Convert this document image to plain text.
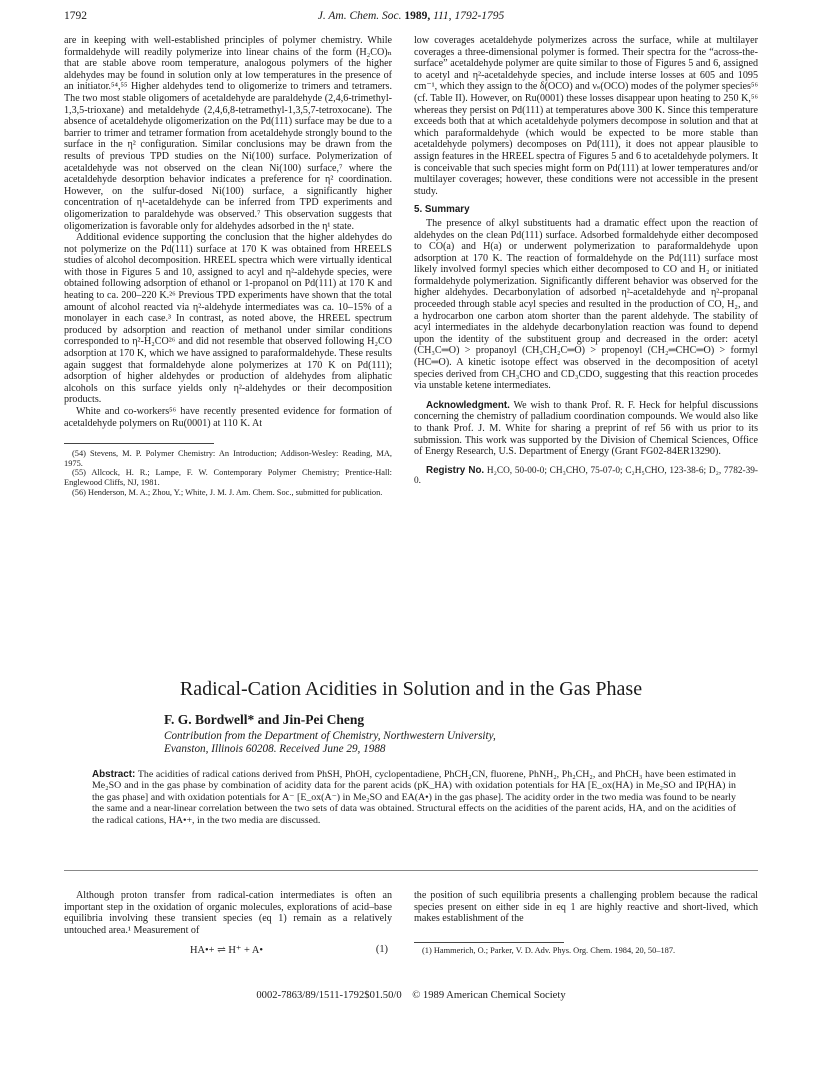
1792	J. Am. Chem. Soc. 1989, 111, 1792-1795

are in keeping with well-established principles of polymer chemistry. While formaldehyde will readily polymerize into linear chains of the form (H₂CO)ₙ that are stable above room temperature, analogous polymers of the higher aldehydes may be found in solution only at low temperatures in the presence of an initiator.⁵⁴,⁵⁵ Higher aldehydes tend to oligomerize to trimers and tetramers. The two most stable oligomers of acetaldehyde are paraldehyde (2,4,6-trimethyl-1,3,5-trioxane) and metaldehyde (2,4,6,8-tetramethyl-1,3,5,7-tetroxocane). The absence of acetaldehyde oligomerization on the Pd(111) surface may be due to a barrier to trimer and tetramer formation from acetaldehyde strongly bound to the surface in the η² configuration. Similar conclusions may be drawn from the results of previous TPD studies on the Ni(100) surface. Polymerization of acetaldehyde was not observed on the clean Ni(100) surface,⁷ where the acetaldehyde desorption behavior indicates a preference for η² coordination. However, on the sulfur-dosed Ni(100) surface, a significantly higher concentration of η¹-acetaldehyde can be inferred from TPD experiments and oligomerization to paraldehyde was observed.⁷ This observation suggests that oligomerization is favorable only for aldehydes adsorbed in the η¹ state.

Additional evidence supporting the conclusion that the higher aldehydes do not polymerize on the Pd(111) surface at 170 K was obtained from HREELS studies of alcohol decomposition. HREEL spectra which were virtually identical with those in Figures 5 and 10, assigned to acyl and η²-aldehyde species, were obtained following adsorption of ethanol or 1-propanol on Pd(111) at 170 K and heating to ca. 200–220 K.²⁶ Previous TPD experiments have shown that the total amount of alcohol reacted via η²-aldehyde intermediates was ca. 10–15% of a monolayer in each case.³ In contrast, as noted above, the HREEL spectrum produced by adsorption and reaction of methanol under similar conditions corresponded to η²-H₂CO²⁶ and did not resemble that observed following H₂CO adsorption at 170 K, which we have assigned to paraformaldehyde. These results again suggest that formaldehyde alone polymerizes at 170 K on Pd(111); adsorption of higher aldehydes or production of aldehydes from aliphatic alcohols on this surface yields only η²-aldehydes or their decomposition products.

White and co-workers⁵⁶ have recently presented evidence for formation of acetaldehyde polymers on Ru(0001) at 110 K. At

(54) Stevens, M. P. Polymer Chemistry: An Introduction; Addison-Wesley: Reading, MA, 1975.

(55) Allcock, H. R.; Lampe, F. W. Contemporary Polymer Chemistry; Prentice-Hall: Englewood Cliffs, NJ, 1981.

(56) Henderson, M. A.; Zhou, Y.; White, J. M. J. Am. Chem. Soc., submitted for publication.

low coverages acetaldehyde polymerizes across the surface, while at multilayer coverages a three-dimensional polymer is formed. Their spectra for the “across-the-surface” acetaldehyde polymer are quite similar to those of Figures 5 and 6, assigned to acetyl and η²-acetaldehyde species, and include interse losses at 605 and 1095 cm⁻¹, which they assign to the δ(OCO) and νₛ(OCO) modes of the polymer species⁵⁶ (cf. Table II). However, on Ru(0001) these losses disappear upon heating to 250 K,⁵⁶ whereas they persist on Pd(111) at temperatures above 300 K. Since this temperature exceeds both that at which acetaldehyde polymers decompose in solution and that at which paraformaldehyde (which would be expected to be more stable than acetaldehyde polymers) decomposes on Pd(111), it does not appear plausible to assign features in the HREEL spectra of Figures 5 and 6 to acetaldehyde polymers. It is conceivable that such species might form on Pd(111) at lower temperatures and/or multilayer coverages; however, these conditions were not accessible in the present study.

5. Summary

The presence of alkyl substituents had a dramatic effect upon the reaction of aldehydes on the clean Pd(111) surface. Adsorbed formaldehyde either decomposed to CO(a) and H(a) or underwent polymerization to paraformaldehyde upon adsorption at 170 K. The reaction of formaldehyde on the Pd(111) surface most likely involved formyl species which either decomposed to CO and H₂ or initiated formaldehyde polymerization. Significantly different behavior was observed for the higher aldehydes. Decarbonylation of adsorbed η²-acetaldehyde and η²-propanal proceeded through stable acyl species and resulted in the production of CO, H₂, and a hydrocarbon one carbon atom shorter than the parent aldehyde. The stability of acyl intermediates in the aldehyde decarbonylation reaction was found to depend upon the identity of the substituent group and decreased in the order: acetyl (CH₃C═O) > propanoyl (CH₃CH₂C═O) > propenoyl (CH₂═CHC═O) > formyl (HC═O). A kinetic isotope effect was observed in the decomposition of acetyl species derived from CH₃CHO and CD₃CDO, suggesting that this reaction procedes via unstable ketene intermediates.

Acknowledgment. We wish to thank Prof. R. F. Heck for helpful discussions concerning the chemistry of palladium coordination compounds. We would also like to thank Prof. J. M. White for sharing a preprint of ref 56 with us prior to its submission. This work was supported by the Division of Chemical Sciences, Office of Energy Research, U.S. Department of Energy (Grant FG02-84ER13290).

Registry No. H₂CO, 50-00-0; CH₃CHO, 75-07-0; C₂H₅CHO, 123-38-6; D₂, 7782-39-0.

Radical-Cation Acidities in Solution and in the Gas Phase
F. G. Bordwell* and Jin-Pei Cheng
Contribution from the Department of Chemistry, Northwestern University,
Evanston, Illinois 60208. Received June 29, 1988
Abstract: The acidities of radical cations derived from PhSH, PhOH, cyclopentadiene, PhCH₂CN, fluorene, PhNH₂, Ph₂CH₂, and PhCH₃ have been estimated in Me₂SO and in the gas phase by combination of acidity data for the parent acids (pK_HA) with oxidation potentials for HA [E_ox(HA) in Me₂SO and IP(HA) in the gas phase] and with oxidation potentials for A⁻ [E_ox(A⁻) in Me₂SO and EA(A•) in the gas phase]. The acidity order in the two media was found to be nearly the same and a near-linear correlation between the two sets of data was obtained. Structural effects on the acidities of the parent acids, HA, and on the acidities of the radical cations, HA•+, in the two media are discussed.

Although proton transfer from radical-cation intermediates is often an important step in the oxidation of organic molecules, explorations of acid–base equilibria involving these transient species (eq 1) remain as a relatively untouched area.¹ Measurement of

HA•+ ⇌ H⁺ + A•	(1)

the position of such equilibria presents a challenging problem because the radical species present on either side in eq 1 are highly reactive and short-lived, which makes establishment of the

(1) Hammerich, O.; Parker, V. D. Adv. Phys. Org. Chem. 1984, 20, 50–187.
0002-7863/89/1511-1792$01.50/0 © 1989 American Chemical Society
